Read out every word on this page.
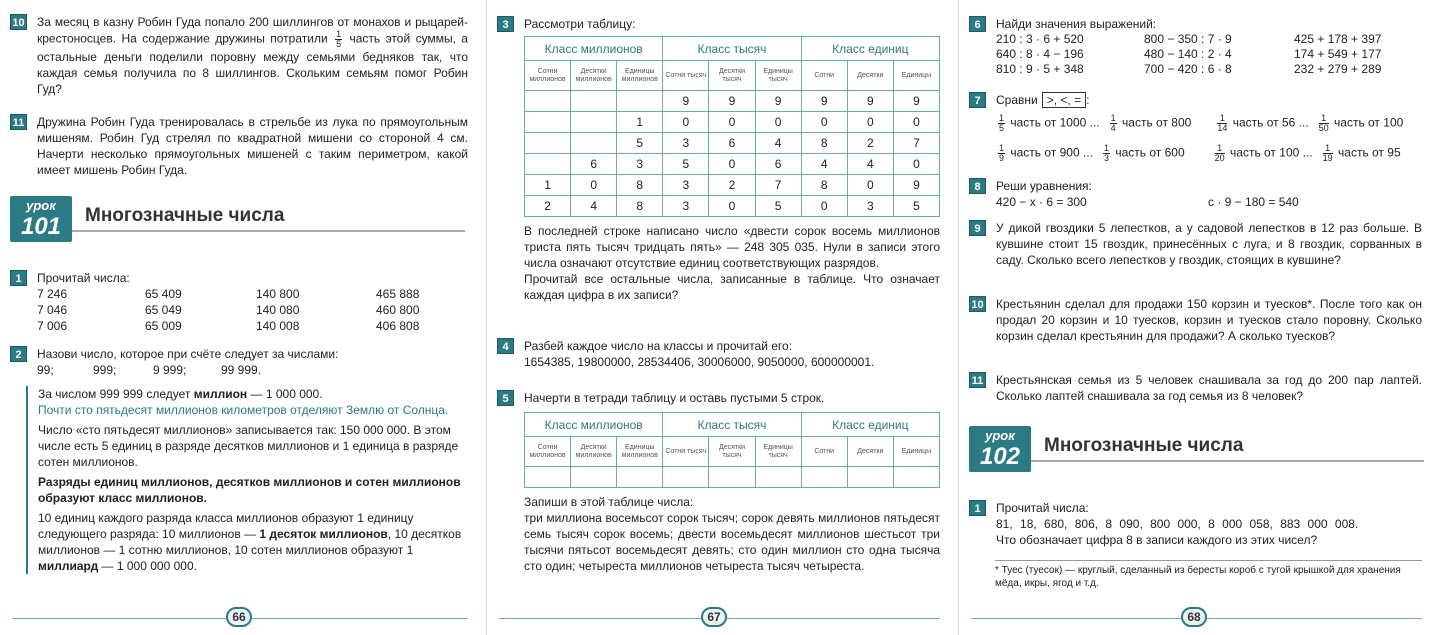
10 За месяц в казну Робин Гуда попало 200 шиллингов от монахов и рыцарей-крестоносцев. На содержание дружины потратили $\frac{1}{5}$ часть этой суммы, а остальные деньги поделили поровну между семьями бедняков так, что каждая семья получила по 8 шиллингов. Скольким семьям помог Робин Гуд?
11 Дружина Робин Гуда тренировалась в стрельбе из лука по прямоугольным мишеням. Робин Гуд стрелял по квадратной мишени со стороной 4 см. Начерти несколько прямоугольных мишеней с таким периметром, какой имеет мишень Робин Гуда.
урок
101	Многозначные числа
1	Прочитай числа:

7 246	65 409	140 800	465 888
7 046	65 049	140 080	460 800
7 006	65 009	140 008	406 808
2	Назови число, которое при счёте следует за числами:

99;	999;	9 999;	99 999.

За числом 999 999 следует миллион — 1 000 000.

Почти сто пятьдесят миллионов километров отделяют Землю от Солнца.

Число «сто пятьдесят миллионов» записывается так: 150 000 000. В этом числе есть 5 единиц в разряде десятков миллионов и 1 единица в разряде сотен миллионов.

Разряды единиц миллионов, десятков миллионов и сотен миллионов образуют класс миллионов.

10 единиц каждого разряда класса миллионов образуют 1 единицу следующего разряда: 10 миллионов — 1 десяток миллионов, 10 десятков миллионов — 1 сотню миллионов, 10 сотен миллионов образуют 1 миллиард — 1 000 000 000.

66
3	Рассмотри таблицу:

Класс миллионов			Класс тысяч			Класс единиц		
Сотни миллионов	Десятки миллионов	Единицы миллионов	Сотни тысяч	Десятки тысяч	Единицы тысяч	Сотни	Десятки	Единицы
			9	9	9	9	9	9
		1	0	0	0	0	0	0
		5	3	6	4	8	2	7
	6	3	5	0	6	4	4	0
1	0	8	3	2	7	8	0	9
2	4	8	3	0	5	0	3	5

В последней строке написано число «двести сорок восемь миллионов триста пять тысяч тридцать пять» — 248 305 035. Нули в записи этого числа означают отсутствие единиц соответствующих разрядов.

Прочитай все остальные числа, записанные в таблице. Что означает каждая цифра в их записи?

4	Разбей каждое число на классы и прочитай его:

1654385, 19800000, 28534406, 30006000, 9050000, 600000001.

5	Начерти в тетради таблицу и оставь пустыми 5 строк.

Класс миллионов			Класс тысяч			Класс единиц		
Сотни миллионов	Десятки миллионов	Единицы миллионов	Сотни тысяч	Десятки тысяч	Единицы тысяч	Сотни	Десятки	Единицы

Запиши в этой таблице числа:

три миллиона восемьсот сорок тысяч; сорок девять миллионов пятьдесят семь тысяч сорок восемь; двести восемьдесят миллионов шестьсот три тысячи пятьсот восемьдесят девять; сто один миллион сто одна тысяча сто один; четыреста миллионов четыреста тысяч четыреста.

67
6	Найди значения выражений:

210 : 3 · 6 + 520	800 − 350 : 7 · 9	425 + 178 + 397
640 : 8 · 4 − 196	480 − 140 : 2 · 4	174 + 549 + 177
810 : 9 · 5 + 348	700 − 420 : 6 · 8	232 + 279 + 289
7	Сравни >, <, = :

$\frac{1}{5}$ часть от 1000 ... $\frac{1}{4}$ часть от 800	$\frac{1}{14}$ часть от 56 ... $\frac{1}{50}$ часть от 100
$\frac{1}{9}$ часть от 900 ... $\frac{1}{3}$ часть от 600	$\frac{1}{20}$ часть от 100 ... $\frac{1}{19}$ часть от 95
8	Реши уравнения:

420 − x · 6 = 300	c · 9 − 180 = 540

9	У дикой гвоздики 5 лепестков, а у садовой лепестков в 12 раз больше. В кувшине стоит 15 гвоздик, принесённых с луга, и 8 гвоздик, сорванных в саду. Сколько всего лепестков у гвоздик, стоящих в кувшине?
10 Крестьянин сделал для продажи 150 корзин и туесков*. После того как он продал 20 корзин и 10 туесков, корзин и туесков стало поровну. Сколько корзин сделал крестьянин для продажи? А сколько туесков?
11 Крестьянская семья из 5 человек снашивала за год до 200 пар лаптей. Сколько лаптей снашивала за год семья из 8 человек?
урок
102	Многозначные числа
1	Прочитай числа:

81, 18, 680, 806, 8 090, 800 000, 8 000 058, 883 000 008.

Что обозначает цифра 8 в записи каждого из этих чисел?

* Туес (туесок) — круглый, сделанный из бересты короб с тугой крышкой для хранения мёда, икры, ягод и т.д.
68
